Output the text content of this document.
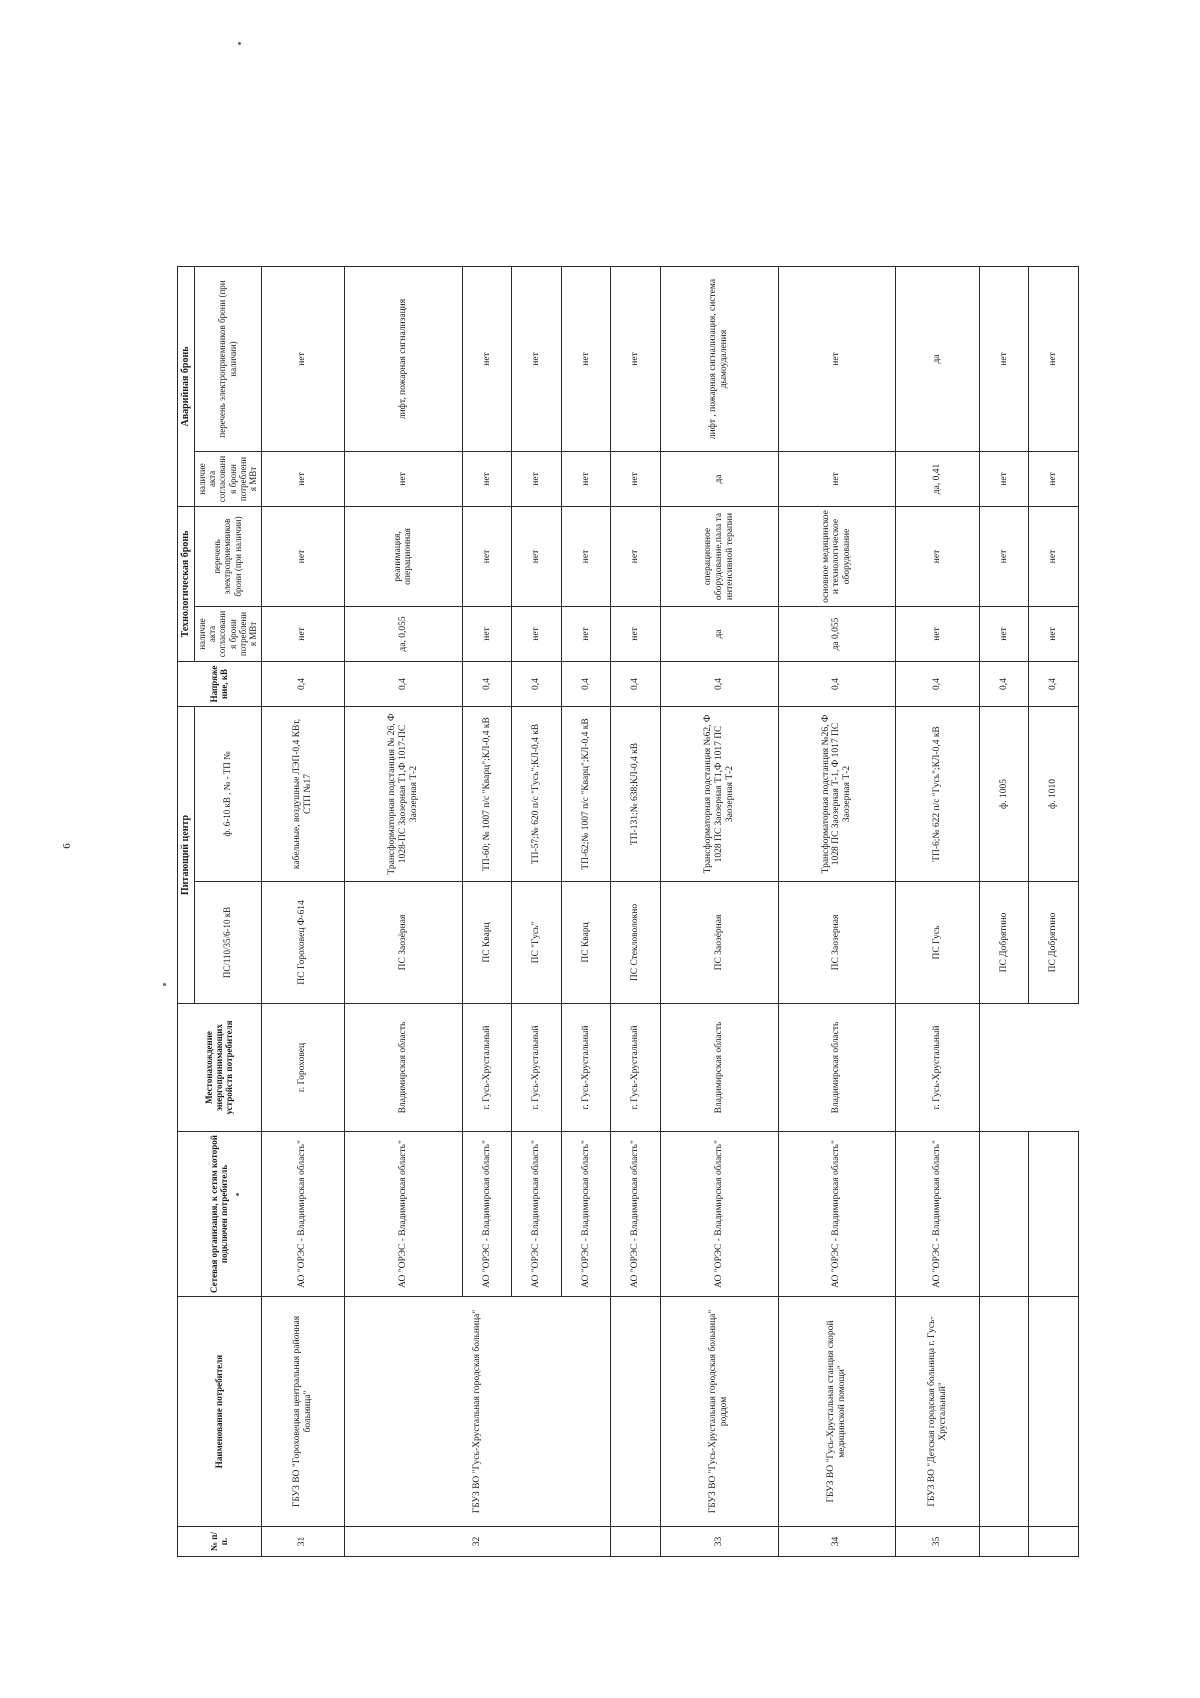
6
№ п/п.	Наименование потребителя	Сетевая организация, к сетям которой подключен потребитель	Местонахождение энергопринимающих устройств потребителя	Питающий центр		Напряжение, кВ	Технологическая бронь		Аварийная бронь	
				ПС/110/35/6-10 кВ	ф. 6-10 кВ , № - ТП №		наличие акта согласования брони потребления МВт	перечень электроприемников брони (при наличии)	наличие акта согласования брони потребления МВт	перечень электроприемников брони (при наличии)
31	ГБУЗ ВО "Гороховецкая центральная районная больница"	АО "ОРЭС - Владимирская область"	г. Гороховец	ПС Гороховец Ф-614	кабельные, воздушные ЛЭП-0,4 КВт, СТП №17	0,4	нет	нет	нет	нет
32	ГБУЗ ВО "Гусь-Хрустальная городская больница"	АО "ОРЭС - Владимирская область"	Владимирская область	ПС Заозёрная	Трансформаторная подстанция № 26, Ф 1028-ПС Заозерная Т1,Ф 1017-ПС Заозерная Т-2	0,4	да, 0,055	реанимация, операционная	нет	лифт, пожарная сигнализация
		АО "ОРЭС - Владимирская область"	г. Гусь-Хрустальный	ПС Кварц	ТП-60; № 1007 п/с "Кварц";КЛ-0,4 кВ	0,4	нет	нет	нет	нет
		АО "ОРЭС - Владимирская область"	г. Гусь-Хрустальный	ПС "Гусь"	ТП-57;№ 620 п/с "Гусь";КЛ-0,4 кВ	0,4	нет	нет	нет	нет
		АО "ОРЭС - Владимирская область"	г. Гусь-Хрустальный	ПС Кварц	ТП-62;№ 1007 п/с "Кварц";КЛ-0,4 кВ	0,4	нет	нет	нет	нет
		АО "ОРЭС - Владимирская область"	г. Гусь-Хрустальный	ПС Стекловолокно	ТП-131;№ 638;КЛ-0,4 кВ	0,4	нет	нет	нет	нет
33	ГБУЗ ВО "Гусь-Хрустальная городская больница" роддом	АО "ОРЭС - Владимирская область"	Владимирская область	ПС Заозёрная	Трансформаторная подстанция №62, Ф 1028 ПС Заозерная Т1,Ф 1017 ПС Заозерная Т-2	0,4	да	операционное оборудование,пала та интенсивной терапии	да	лифт , пожарная сигнализация, система дымоудаления
34	ГБУЗ ВО "Гусь-Хрустальная станция скорой медицинской помощи"	АО "ОРЭС - Владимирская область"	Владимирская область	ПС Заозерная	Трансформаторная подстанция №26, Ф 1028 ПС Заозерная Т-1, Ф 1017 ПС Заозерная Т-2	0,4	да 0,055	основное медицинское и технологическое оборудование	нет	нет
35	ГБУЗ ВО "Детская городская больница г. Гусь-Хрустальный"	АО "ОРЭС - Владимирская область"	г. Гусь-Хрустальный	ПС Гусь	ТП-6;№ 622 п/с "Гусь";КЛ-0,4 кВ	0,4	нет	нет	да, 0,41	да
				ПС Добрятино	ф. 1005	0,4	нет	нет	нет	нет
				ПС Добрятино	ф. 1010	0,4	нет	нет	нет	нет
